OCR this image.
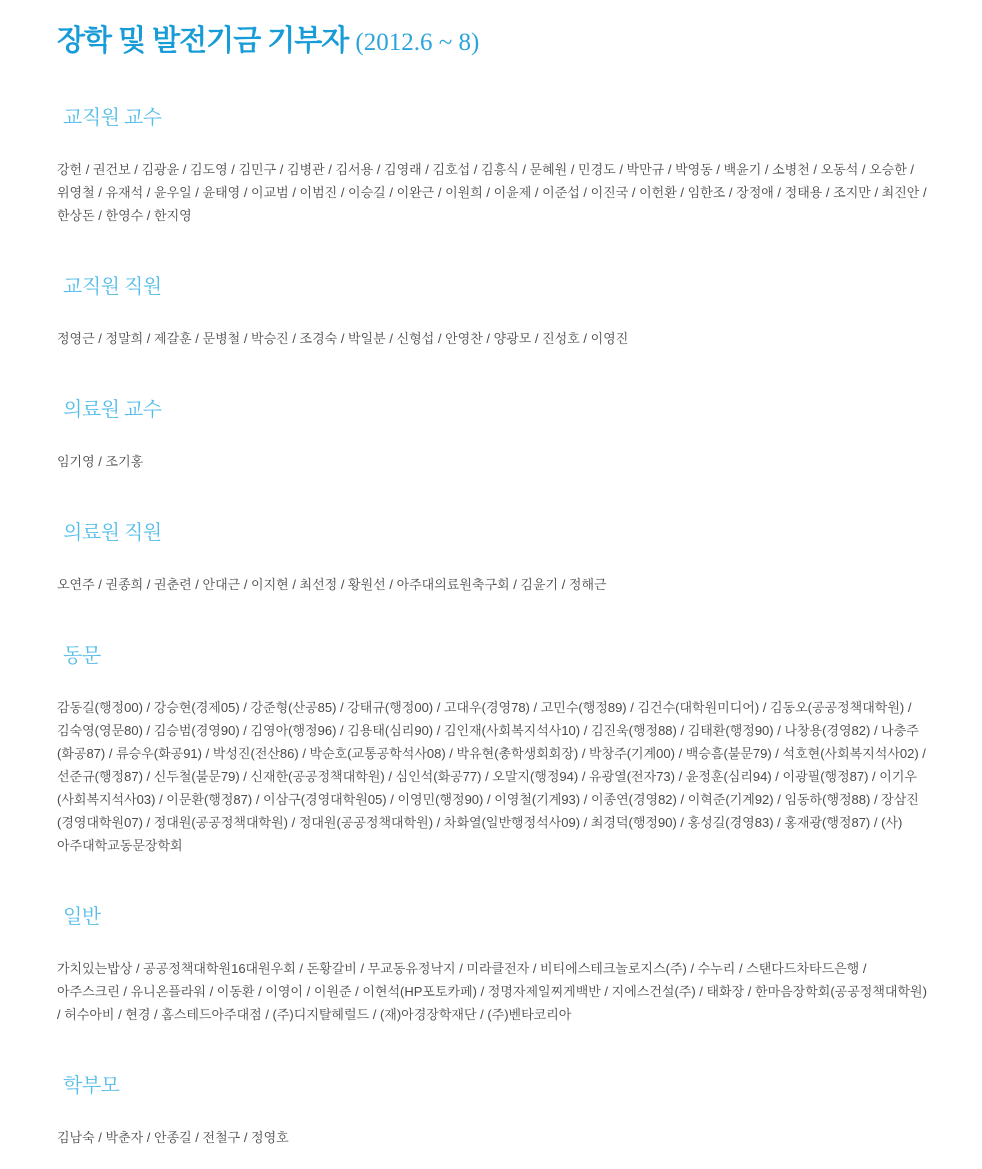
장학 및 발전기금 기부자 (2012.6 ~ 8)
교직원 교수

강헌 / 권건보 / 김광윤 / 김도영 / 김민구 / 김병관 / 김서용 / 김영래 / 김호섭 / 김흥식 / 문혜원 / 민경도 / 박만규 / 박영동 / 백윤기 / 소병천 / 오동석 / 오승한 / 위영철 / 유재석 / 윤우일 / 윤태영 / 이교범 / 이범진 / 이승길 / 이완근 / 이원희 / 이윤제 / 이준섭 / 이진국 / 이헌환 / 임한조 / 장정애 / 정태용 / 조지만 / 최진안 / 한상돈 / 한영수 / 한지영

교직원 직원

정영근 / 정말희 / 제갈훈 / 문병철 / 박승진 / 조경숙 / 박일분 / 신형섭 / 안영찬 / 양광모 / 진성호 / 이영진

의료원 교수

임기영 / 조기홍

의료원 직원

오연주 / 권종희 / 권춘련 / 안대근 / 이지현 / 최선정 / 황원선 / 아주대의료원축구회 / 김윤기 / 정해근

동문

감동길(행정00) / 강승현(경제05) / 강준형(산공85) / 강태규(행정00) / 고대우(경영78) / 고민수(행정89) / 김건수(대학원미디어) / 김동오(공공정책대학원) / 김숙영(영문80) / 김승범(경영90) / 김영아(행정96) / 김용태(심리90) / 김인재(사회복지석사10) / 김진욱(행정88) / 김태환(행정90) / 나창용(경영82) / 나충주(화공87) / 류승우(화공91) / 박성진(전산86) / 박순호(교통공학석사08) / 박유현(총학생회회장) / 박창주(기계00) / 백승흠(불문79) / 석호현(사회복지석사02) / 선준규(행정87) / 신두철(불문79) / 신재한(공공정책대학원) / 심인석(화공77) / 오말지(행정94) / 유광열(전자73) / 윤정훈(심리94) / 이광필(행정87) / 이기우(사회복지석사03) / 이문환(행정87) / 이삼구(경영대학원05) / 이영민(행정90) / 이영철(기계93) / 이종연(경영82) / 이혁준(기계92) / 임동하(행정88) / 장삼진(경영대학원07) / 정대원(공공정책대학원) / 정대원(공공정책대학원) / 차화열(일반행정석사09) / 최경덕(행정90) / 홍성길(경영83) / 홍재광(행정87) / (사)아주대학교동문장학회

일반

가치있는밥상 / 공공정책대학원16대원우회 / 돈황갈비 / 무교동유정낙지 / 미라클전자 / 비티에스테크놀로지스(주) / 수누리 / 스탠다드차타드은행 / 아주스크린 / 유니온플라워 / 이동환 / 이영이 / 이원준 / 이현석(HP포토카페) / 정명자제일찌게백반 / 지에스건설(주) / 태화장 / 한마음장학회(공공정책대학원) / 허수아비 / 현경 / 홈스테드아주대점 / (주)디지탈헤럴드 / (재)아경장학재단 / (주)벤타코리아

학부모

김남숙 / 박춘자 / 안종길 / 전철구 / 정영호
